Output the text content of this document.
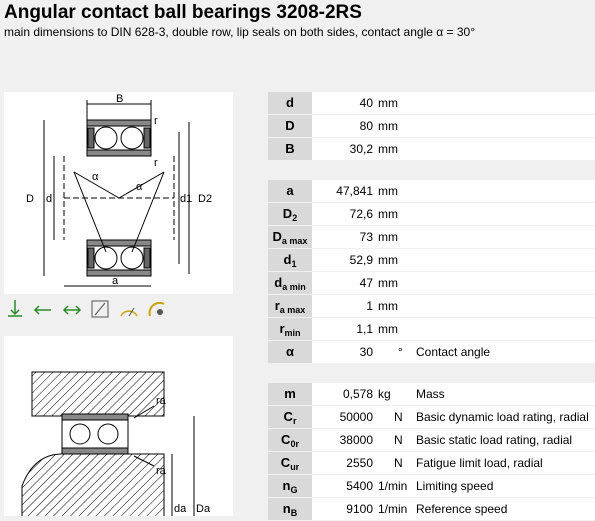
Angular contact ball bearings 3208-2RS
main dimensions to DIN 628-3, double row, lip seals on both sides, contact angle α = 30°
B
r
r
D d	d1 D2
α
α
a

ra
ra
da Da
d	40 mm
D	80 mm
B	30,2 mm
a	47,841 mm
$D_2$	72,6 mm
$D_{a max}$	73 mm
$d_1$	52,9 mm
$d_{a min}$	47 mm
$r_{a max}$	1 mm
$r_{min}$	1,1 mm
α	30 ° Contact angle
m	0,578 kg Mass
$C_r$	50000 N Basic dynamic load rating, radial
$C_{0r}$	38000 N Basic static load rating, radial
$C_{ur}$	2550 N Fatigue limit load, radial
$n_G$	5400 1/min Limiting speed
$n_B$	9100 1/min Reference speed
